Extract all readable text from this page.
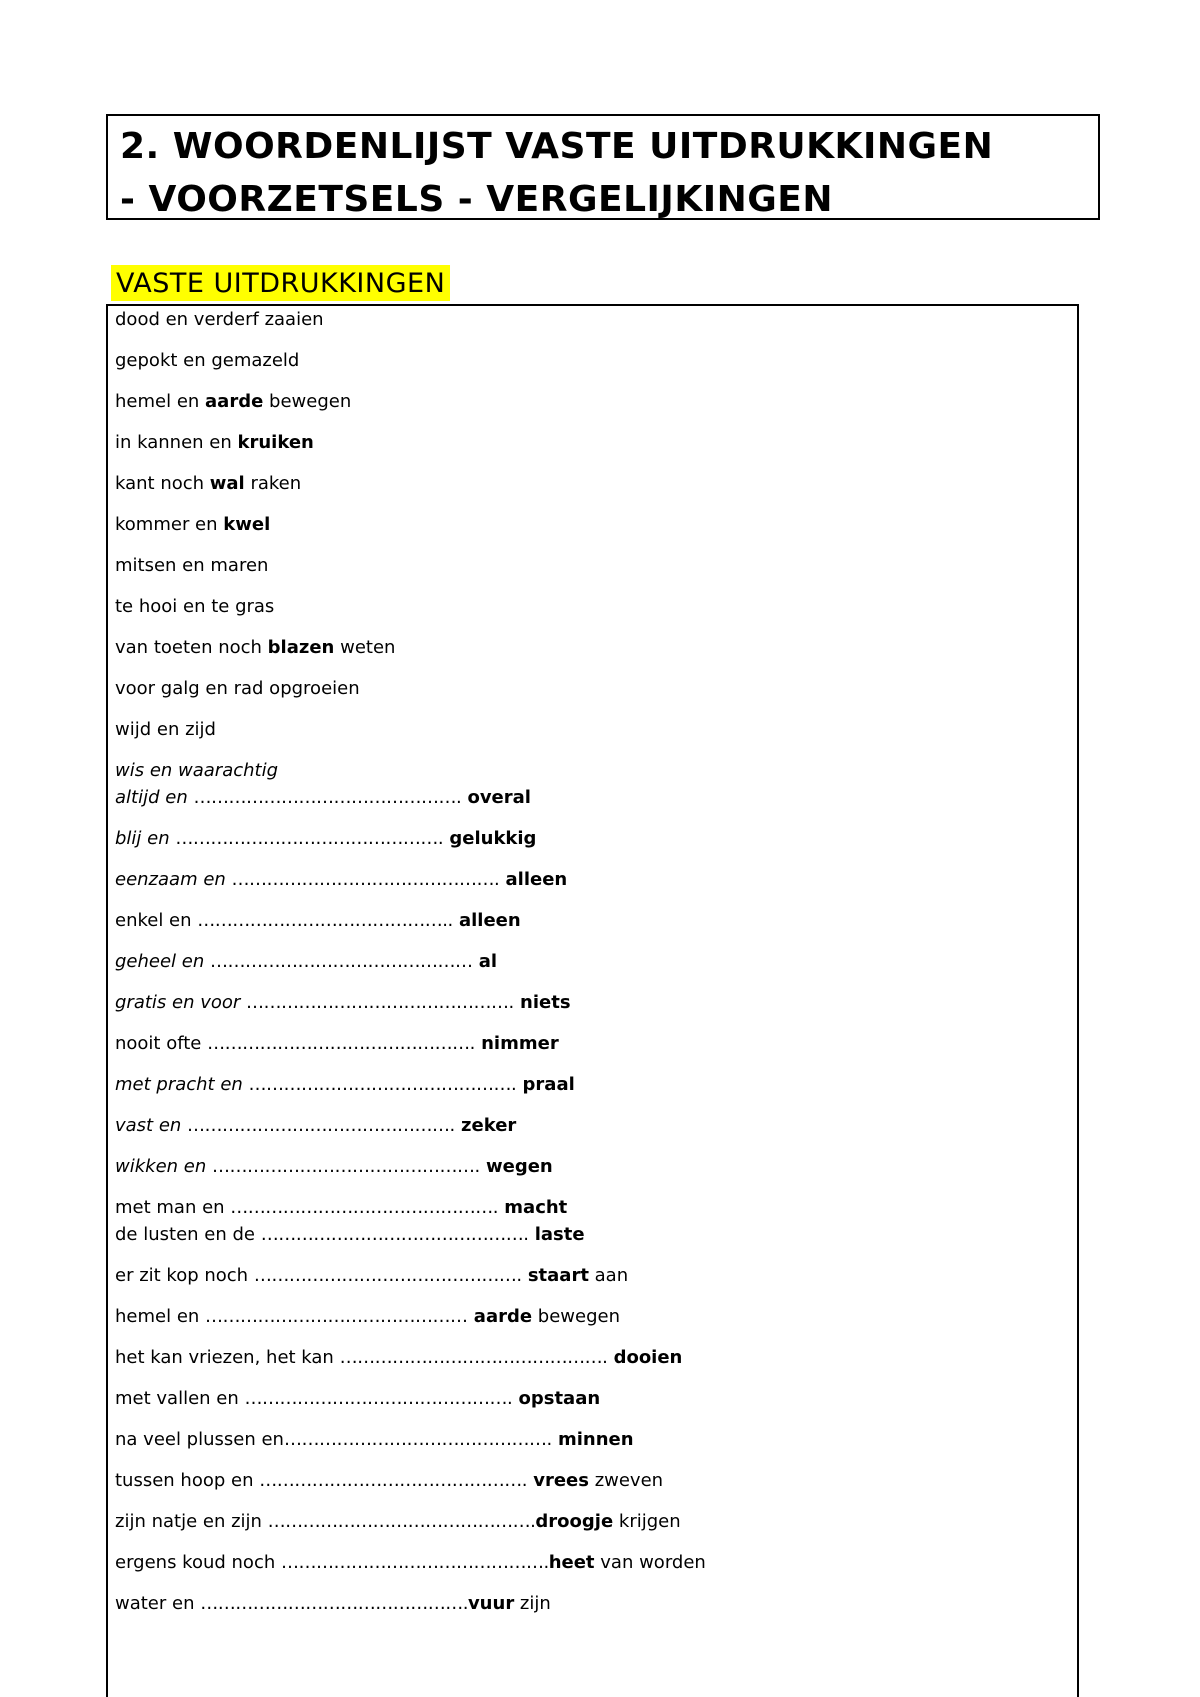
2. WOORDENLIJST VASTE UITDRUKKINGEN
- VOORZETSELS - VERGELIJKINGEN
VASTE UITDRUKKINGEN
dood en verderf zaaien
gepokt en gemazeld
hemel en aarde bewegen
in kannen en kruiken
kant noch wal raken
kommer en kwel
mitsen en maren
te hooi en te gras
van toeten noch blazen weten
voor galg en rad opgroeien
wijd en zijd
wis en waarachtig
altijd en ………………………………………. overal
blij en ………………………………………. gelukkig
eenzaam en ………………………………………. alleen
enkel en …………………………………….. alleen
geheel en ……………………………………… al
gratis en voor ………………………………………. niets
nooit ofte ………………………………………. nimmer
met pracht en ………………………………………. praal
vast en ………………………………………. zeker
wikken en ………………………………………. wegen
met man en ………………………………………. macht
de lusten en de ………………………………………. laste
er zit kop noch ………………………………………. staart aan
hemel en ……………………………………… aarde bewegen
het kan vriezen, het kan ………………………………………. dooien
met vallen en ………………………………………. opstaan
na veel plussen en………………………………………. minnen
tussen hoop en ………………………………………. vrees zweven
zijn natje en zijn ……………………………………….droogje krijgen
ergens koud noch ……………………………………….heet van worden
water en ……………………………………….vuur zijn
